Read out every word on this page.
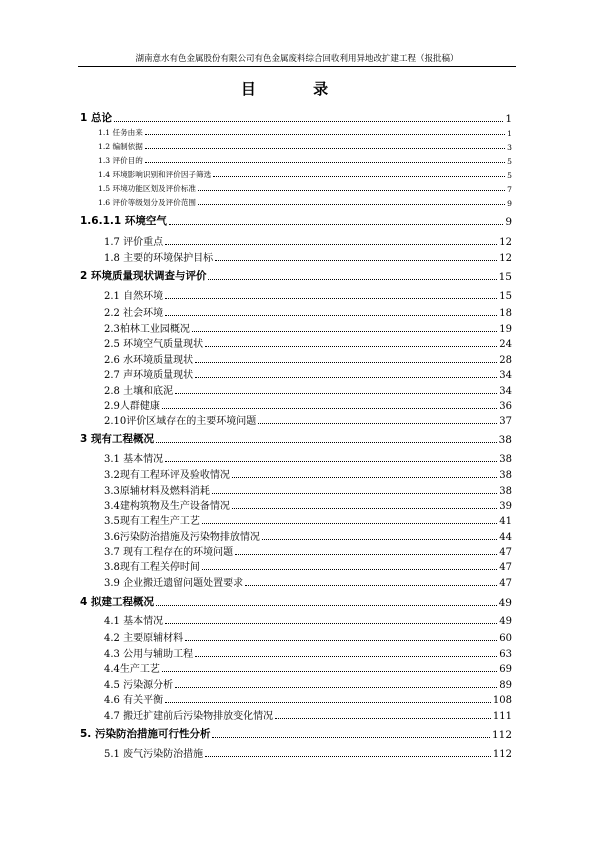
湖南意水有色金属股份有限公司有色金属废料综合回收利用异地改扩建工程（报批稿）
目 录
1 总论	1
1.1 任务由来	1
1.2 编制依据	3
1.3 评价目的	5
1.4 环境影响识别和评价因子筛选	5
1.5 环境功能区划及评价标准	7
1.6 评价等级划分及评价范围	9
1.6.1.1 环境空气	9
1.7 评价重点	12
1.8 主要的环境保护目标	12
2 环境质量现状调查与评价	15
2.1 自然环境	15
2.2 社会环境	18
2.3柏林工业园概况	19
2.5 环境空气质量现状	24
2.6 水环境质量现状	28
2.7 声环境质量现状	34
2.8 土壤和底泥	34
2.9人群健康	36
2.10评价区域存在的主要环境问题	37
3 现有工程概况	38
3.1 基本情况	38
3.2现有工程环评及验收情况	38
3.3原辅材料及燃料消耗	38
3.4建构筑物及生产设备情况	39
3.5现有工程生产工艺	41
3.6污染防治措施及污染物排放情况	44
3.7 现有工程存在的环境问题	47
3.8现有工程关停时间	47
3.9 企业搬迁遗留问题处置要求	47
4 拟建工程概况	49
4.1 基本情况	49
4.2 主要原辅材料	60
4.3 公用与辅助工程	63
4.4生产工艺	69
4.5 污染源分析	89
4.6 有关平衡	108
4.7 搬迁扩建前后污染物排放变化情况	111
5. 污染防治措施可行性分析	112
5.1 废气污染防治措施	112
